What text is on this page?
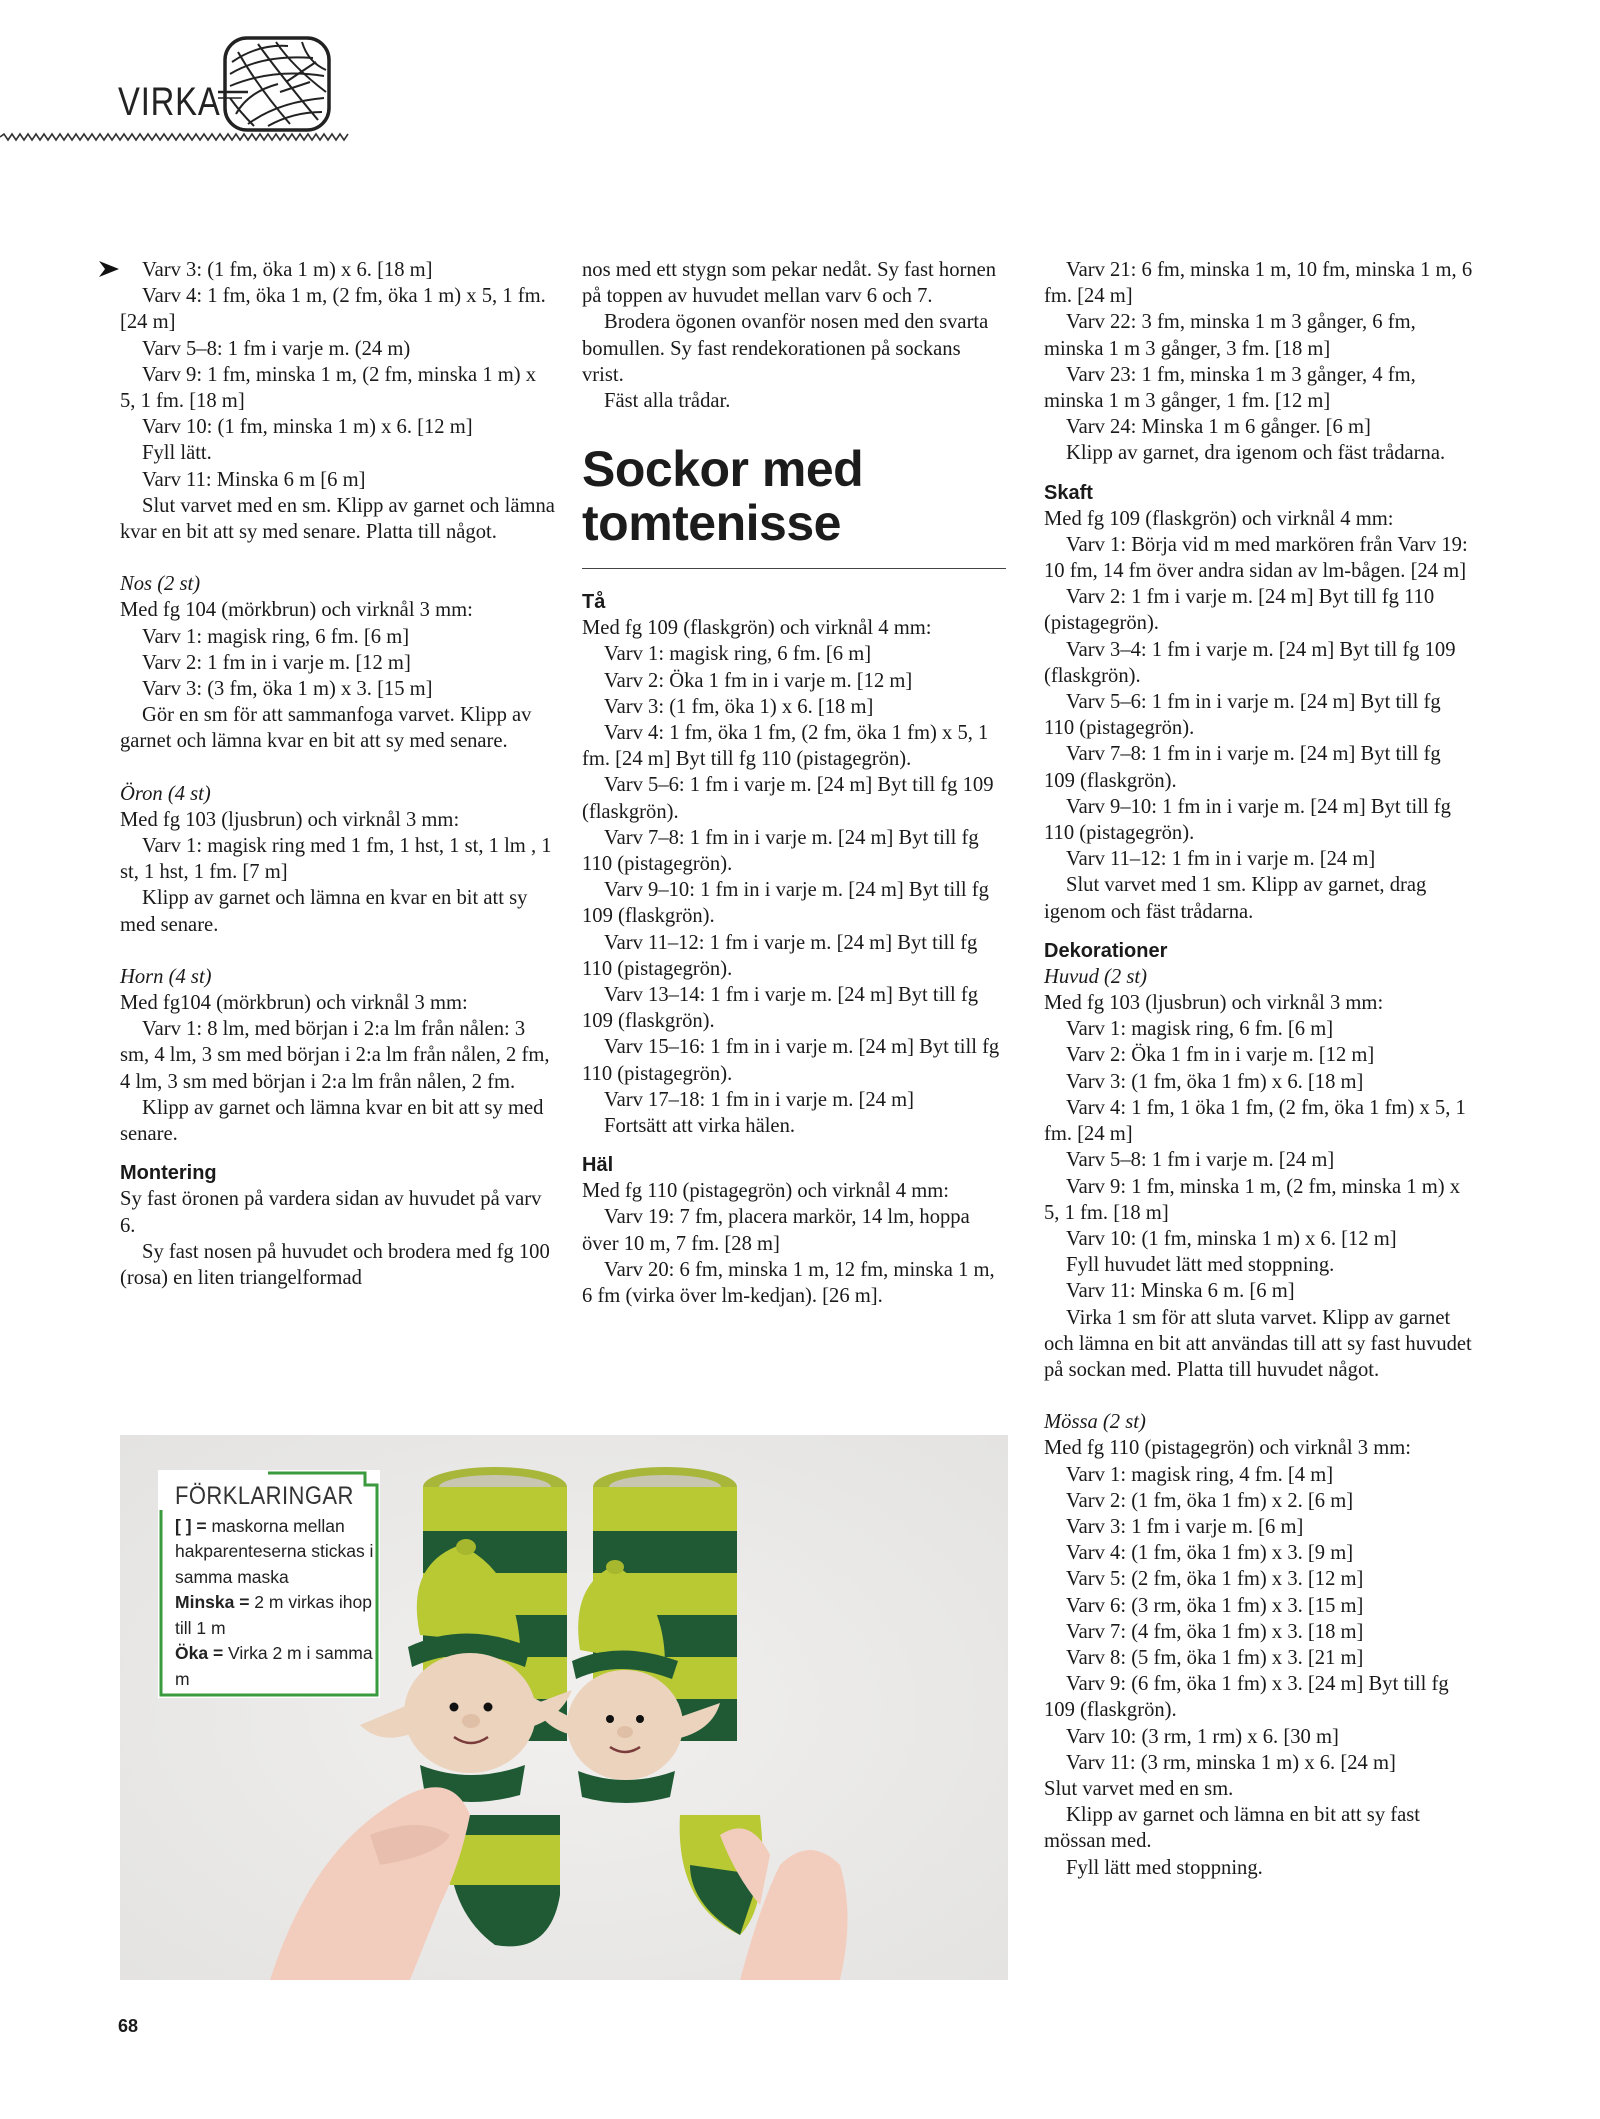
VIRKA

Varv 3: (1 fm, öka 1 m) x 6. [18 m]

Varv 4: 1 fm, öka 1 m, (2 fm, öka 1 m) x 5, 1 fm. [24 m]

Varv 5–8: 1 fm i varje m. (24 m)

Varv 9: 1 fm, minska 1 m, (2 fm, minska 1 m) x 5, 1 fm. [18 m]

Varv 10: (1 fm, minska 1 m) x 6. [12 m]

Fyll lätt.

Varv 11: Minska 6 m [6 m]

Slut varvet med en sm. Klipp av garnet och lämna kvar en bit att sy med senare. Platta till något.

Nos (2 st)

Med fg 104 (mörkbrun) och virknål 3 mm:

Varv 1: magisk ring, 6 fm. [6 m]

Varv 2: 1 fm in i varje m. [12 m]

Varv 3: (3 fm, öka 1 m) x 3. [15 m]

Gör en sm för att sammanfoga varvet. Klipp av garnet och lämna kvar en bit att sy med senare.

Öron (4 st)

Med fg 103 (ljusbrun) och virknål 3 mm:

Varv 1: magisk ring med 1 fm, 1 hst, 1 st, 1 lm , 1 st, 1 hst, 1 fm. [7 m]

Klipp av garnet och lämna en kvar en bit att sy med senare.

Horn (4 st)

Med fg104 (mörkbrun) och virknål 3 mm:

Varv 1: 8 lm, med början i 2:a lm från nålen: 3 sm, 4 lm, 3 sm med början i 2:a lm från nålen, 2 fm, 4 lm, 3 sm med början i 2:a lm från nålen, 2 fm.

Klipp av garnet och lämna kvar en bit att sy med senare.

Montering

Sy fast öronen på vardera sidan av huvudet på varv 6.

Sy fast nosen på huvudet och brodera med fg 100 (rosa) en liten triangelformad

nos med ett stygn som pekar nedåt. Sy fast hornen på toppen av huvudet mellan varv 6 och 7.

Brodera ögonen ovanför nosen med den svarta bomullen. Sy fast rendekorationen på sockans vrist.

Fäst alla trådar.

Sockor med tomtenisse

Tå

Med fg 109 (flaskgrön) och virknål 4 mm:

Varv 1: magisk ring, 6 fm. [6 m]

Varv 2: Öka 1 fm in i varje m. [12 m]

Varv 3: (1 fm, öka 1) x 6. [18 m]

Varv 4: 1 fm, öka 1 fm, (2 fm, öka 1 fm) x 5, 1 fm. [24 m] Byt till fg 110 (pistagegrön).

Varv 5–6: 1 fm i varje m. [24 m] Byt till fg 109 (flaskgrön).

Varv 7–8: 1 fm in i varje m. [24 m] Byt till fg 110 (pistagegrön).

Varv 9–10: 1 fm in i varje m. [24 m] Byt till fg 109 (flaskgrön).

Varv 11–12: 1 fm i varje m. [24 m] Byt till fg 110 (pistagegrön).

Varv 13–14: 1 fm i varje m. [24 m] Byt till fg 109 (flaskgrön).

Varv 15–16: 1 fm in i varje m. [24 m] Byt till fg 110 (pistagegrön).

Varv 17–18: 1 fm in i varje m. [24 m]

Fortsätt att virka hälen.

Häl

Med fg 110 (pistagegrön) och virknål 4 mm:

Varv 19: 7 fm, placera markör, 14 lm, hoppa över 10 m, 7 fm. [28 m]

Varv 20: 6 fm, minska 1 m, 12 fm, minska 1 m, 6 fm (virka över lm-kedjan). [26 m].

Varv 21: 6 fm, minska 1 m, 10 fm, minska 1 m, 6 fm. [24 m]

Varv 22: 3 fm, minska 1 m 3 gånger, 6 fm, minska 1 m 3 gånger, 3 fm. [18 m]

Varv 23: 1 fm, minska 1 m 3 gånger, 4 fm, minska 1 m 3 gånger, 1 fm. [12 m]

Varv 24: Minska 1 m 6 gånger. [6 m]

Klipp av garnet, dra igenom och fäst trådarna.

Skaft

Med fg 109 (flaskgrön) och virknål 4 mm:

Varv 1: Börja vid m med markören från Varv 19: 10 fm, 14 fm över andra sidan av lm-bågen. [24 m]

Varv 2: 1 fm i varje m. [24 m] Byt till fg 110 (pistagegrön).

Varv 3–4: 1 fm i varje m. [24 m] Byt till fg 109 (flaskgrön).

Varv 5–6: 1 fm in i varje m. [24 m] Byt till fg 110 (pistagegrön).

Varv 7–8: 1 fm in i varje m. [24 m] Byt till fg 109 (flaskgrön).

Varv 9–10: 1 fm in i varje m. [24 m] Byt till fg 110 (pistagegrön).

Varv 11–12: 1 fm in i varje m. [24 m]

Slut varvet med 1 sm. Klipp av garnet, drag igenom och fäst trådarna.

Dekorationer

Huvud (2 st)

Med fg 103 (ljusbrun) och virknål 3 mm:

Varv 1: magisk ring, 6 fm. [6 m]

Varv 2: Öka 1 fm in i varje m. [12 m]

Varv 3: (1 fm, öka 1 fm) x 6. [18 m]

Varv 4: 1 fm, 1 öka 1 fm, (2 fm, öka 1 fm) x 5, 1 fm. [24 m]

Varv 5–8: 1 fm i varje m. [24 m]

Varv 9: 1 fm, minska 1 m, (2 fm, minska 1 m) x 5, 1 fm. [18 m]

Varv 10: (1 fm, minska 1 m) x 6. [12 m]

Fyll huvudet lätt med stoppning.

Varv 11: Minska 6 m. [6 m]

Virka 1 sm för att sluta varvet. Klipp av garnet och lämna en bit att användas till att sy fast huvudet på sockan med. Platta till huvudet något.

Mössa (2 st)

Med fg 110 (pistagegrön) och virknål 3 mm:

Varv 1: magisk ring, 4 fm. [4 m]

Varv 2: (1 fm, öka 1 fm) x 2. [6 m]

Varv 3: 1 fm i varje m. [6 m]

Varv 4: (1 fm, öka 1 fm) x 3. [9 m]

Varv 5: (2 fm, öka 1 fm) x 3. [12 m]

Varv 6: (3 rm, öka 1 fm) x 3. [15 m]

Varv 7: (4 fm, öka 1 fm) x 3. [18 m]

Varv 8: (5 fm, öka 1 fm) x 3. [21 m]

Varv 9: (6 fm, öka 1 fm) x 3. [24 m] Byt till fg 109 (flaskgrön).

Varv 10: (3 rm, 1 rm) x 6. [30 m]

Varv 11: (3 rm, minska 1 m) x 6. [24 m]

Slut varvet med en sm.

Klipp av garnet och lämna en bit att sy fast mössan med.

Fyll lätt med stoppning.

FÖRKLARINGAR
[ ] = maskorna mellan hakparenteserna stickas i samma maska
Minska = 2 m virkas ihop till 1 m
Öka = Virka 2 m i samma m
68
